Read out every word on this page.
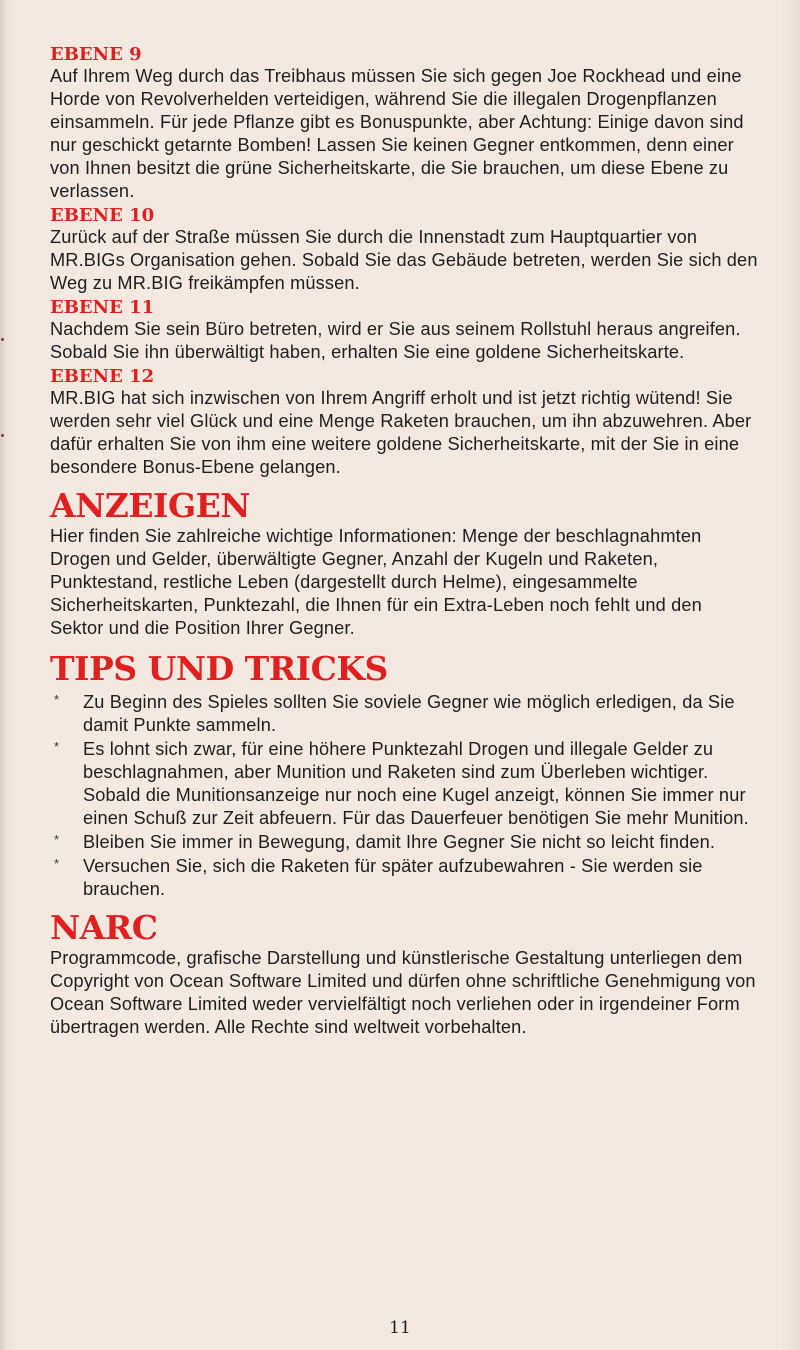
EBENE 9

Auf Ihrem Weg durch das Treibhaus müssen Sie sich gegen Joe Rockhead und eine Horde von Revolverhelden verteidigen, während Sie die illegalen Drogenpflanzen einsammeln. Für jede Pflanze gibt es Bonuspunkte, aber Achtung: Einige davon sind nur geschickt getarnte Bomben! Lassen Sie keinen Gegner entkommen, denn einer von Ihnen besitzt die grüne Sicherheitskarte, die Sie brauchen, um diese Ebene zu verlassen.

EBENE 10

Zurück auf der Straße müssen Sie durch die Innenstadt zum Hauptquartier von MR.BIGs Organisation gehen. Sobald Sie das Gebäude betreten, werden Sie sich den Weg zu MR.BIG freikämpfen müssen.

EBENE 11

Nachdem Sie sein Büro betreten, wird er Sie aus seinem Rollstuhl heraus angreifen. Sobald Sie ihn überwältigt haben, erhalten Sie eine goldene Sicherheitskarte.

EBENE 12

MR.BIG hat sich inzwischen von Ihrem Angriff erholt und ist jetzt richtig wütend! Sie werden sehr viel Glück und eine Menge Raketen brauchen, um ihn abzuwehren. Aber dafür erhalten Sie von ihm eine weitere goldene Sicherheitskarte, mit der Sie in eine besondere Bonus-Ebene gelangen.

ANZEIGEN

Hier finden Sie zahlreiche wichtige Informationen: Menge der beschlagnahmten Drogen und Gelder, überwältigte Gegner, Anzahl der Kugeln und Raketen, Punktestand, restliche Leben (dargestellt durch Helme), eingesammelte Sicherheitskarten, Punktezahl, die Ihnen für ein Extra-Leben noch fehlt und den Sektor und die Position Ihrer Gegner.

TIPS UND TRICKS
* Zu Beginn des Spieles sollten Sie soviele Gegner wie möglich erledigen, da Sie damit Punkte sammeln.
* Es lohnt sich zwar, für eine höhere Punktezahl Drogen und illegale Gelder zu beschlagnahmen, aber Munition und Raketen sind zum Überleben wichtiger. Sobald die Munitionsanzeige nur noch eine Kugel anzeigt, können Sie immer nur einen Schuß zur Zeit abfeuern. Für das Dauerfeuer benötigen Sie mehr Munition.
* Bleiben Sie immer in Bewegung, damit Ihre Gegner Sie nicht so leicht finden.
* Versuchen Sie, sich die Raketen für später aufzubewahren - Sie werden sie brauchen.
NARC

Programmcode, grafische Darstellung und künstlerische Gestaltung unterliegen dem Copyright von Ocean Software Limited und dürfen ohne schriftliche Genehmigung von Ocean Software Limited weder vervielfältigt noch verliehen oder in irgendeiner Form übertragen werden. Alle Rechte sind weltweit vorbehalten.

11
